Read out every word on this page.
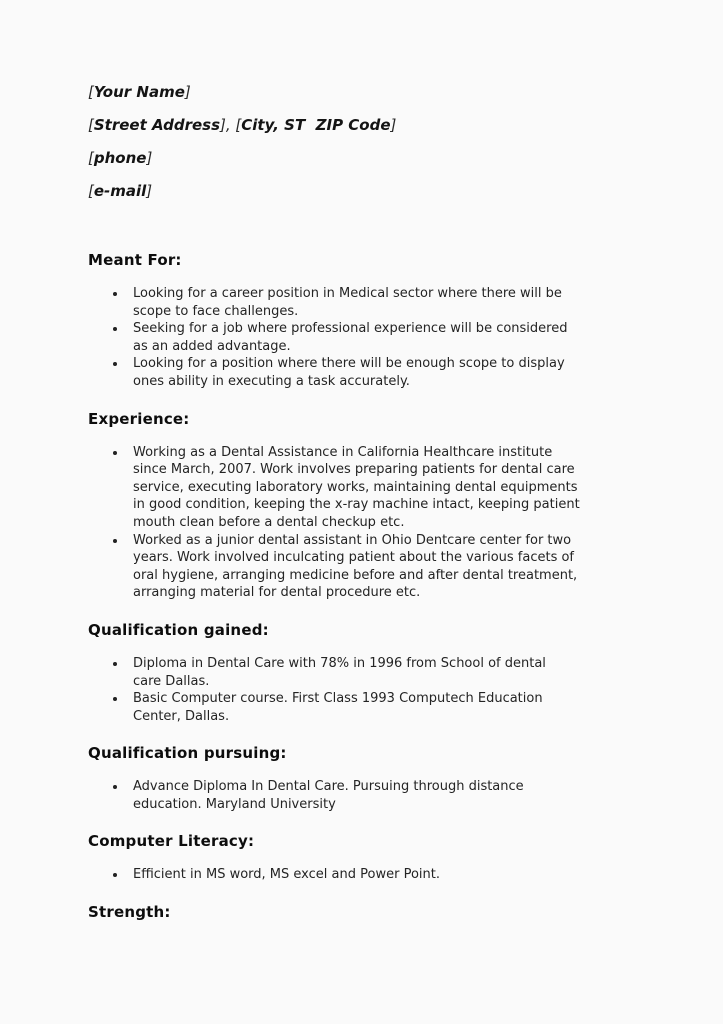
[Your Name]

[Street Address], [City, ST  ZIP Code]

[phone]

[e-mail]

Meant For:
Looking for a career position in Medical sector where there will be
scope to face challenges.
Seeking for a job where professional experience will be considered
as an added advantage.
Looking for a position where there will be enough scope to display
ones ability in executing a task accurately.
Experience:
Working as a Dental Assistance in California Healthcare institute
since March, 2007. Work involves preparing patients for dental care
service, executing laboratory works, maintaining dental equipments
in good condition, keeping the x-ray machine intact, keeping patient
mouth clean before a dental checkup etc.
Worked as a junior dental assistant in Ohio Dentcare center for two
years. Work involved inculcating patient about the various facets of
oral hygiene, arranging medicine before and after dental treatment,
arranging material for dental procedure etc.
Qualification gained:
Diploma in Dental Care with 78% in 1996 from School of dental
care Dallas.
Basic Computer course. First Class 1993 Computech Education
Center, Dallas.
Qualification pursuing:
Advance Diploma In Dental Care. Pursuing through distance
education. Maryland University
Computer Literacy:
Efficient in MS word, MS excel and Power Point.
Strength:
